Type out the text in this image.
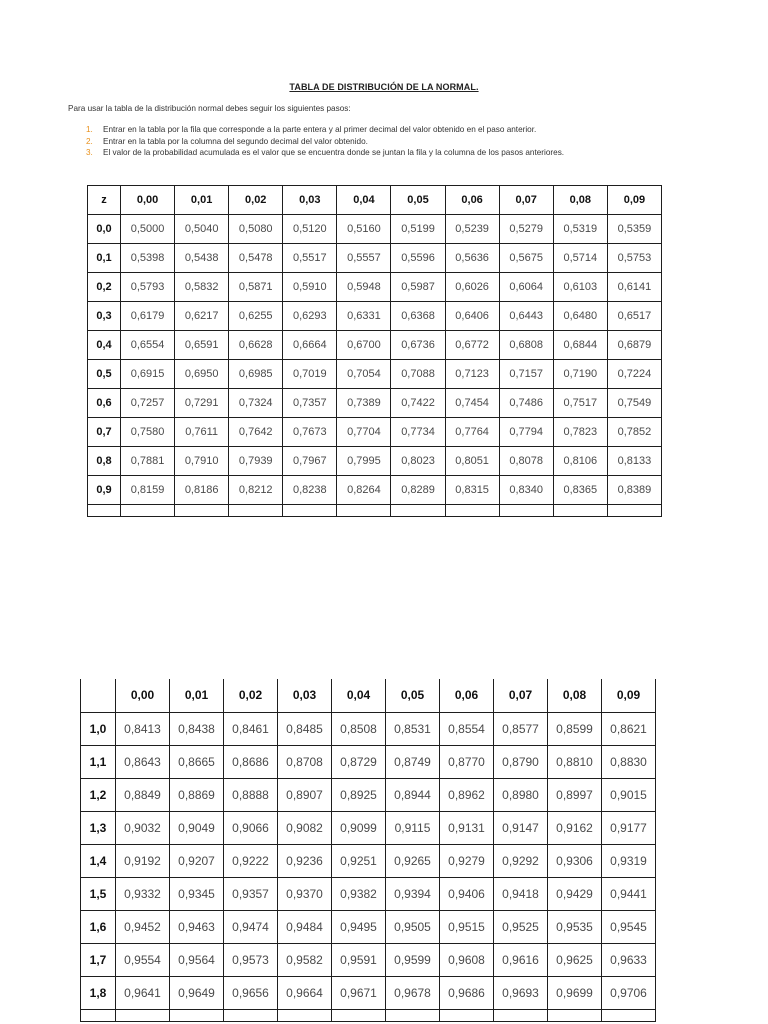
TABLA DE DISTRIBUCIÓN DE LA NORMAL.
Para usar la tabla de la distribución normal debes seguir los siguientes pasos:
1.	Entrar en la tabla por la fila que corresponde a la parte entera y al primer decimal del valor obtenido en el paso anterior.
2.	Entrar en la tabla por la columna del segundo decimal del valor obtenido.
3.	El valor de la probabilidad acumulada es el valor que se encuentra donde se juntan la fila y la columna de los pasos anteriores.
z	0,00	0,01	0,02	0,03	0,04	0,05	0,06	0,07	0,08	0,09
0,0	0,5000	0,5040	0,5080	0,5120	0,5160	0,5199	0,5239	0,5279	0,5319	0,5359
0,1	0,5398	0,5438	0,5478	0,5517	0,5557	0,5596	0,5636	0,5675	0,5714	0,5753
0,2	0,5793	0,5832	0,5871	0,5910	0,5948	0,5987	0,6026	0,6064	0,6103	0,6141
0,3	0,6179	0,6217	0,6255	0,6293	0,6331	0,6368	0,6406	0,6443	0,6480	0,6517
0,4	0,6554	0,6591	0,6628	0,6664	0,6700	0,6736	0,6772	0,6808	0,6844	0,6879
0,5	0,6915	0,6950	0,6985	0,7019	0,7054	0,7088	0,7123	0,7157	0,7190	0,7224
0,6	0,7257	0,7291	0,7324	0,7357	0,7389	0,7422	0,7454	0,7486	0,7517	0,7549
0,7	0,7580	0,7611	0,7642	0,7673	0,7704	0,7734	0,7764	0,7794	0,7823	0,7852
0,8	0,7881	0,7910	0,7939	0,7967	0,7995	0,8023	0,8051	0,8078	0,8106	0,8133
0,9	0,8159	0,8186	0,8212	0,8238	0,8264	0,8289	0,8315	0,8340	0,8365	0,8389

	0,00	0,01	0,02	0,03	0,04	0,05	0,06	0,07	0,08	0,09
1,0	0,8413	0,8438	0,8461	0,8485	0,8508	0,8531	0,8554	0,8577	0,8599	0,8621
1,1	0,8643	0,8665	0,8686	0,8708	0,8729	0,8749	0,8770	0,8790	0,8810	0,8830
1,2	0,8849	0,8869	0,8888	0,8907	0,8925	0,8944	0,8962	0,8980	0,8997	0,9015
1,3	0,9032	0,9049	0,9066	0,9082	0,9099	0,9115	0,9131	0,9147	0,9162	0,9177
1,4	0,9192	0,9207	0,9222	0,9236	0,9251	0,9265	0,9279	0,9292	0,9306	0,9319
1,5	0,9332	0,9345	0,9357	0,9370	0,9382	0,9394	0,9406	0,9418	0,9429	0,9441
1,6	0,9452	0,9463	0,9474	0,9484	0,9495	0,9505	0,9515	0,9525	0,9535	0,9545
1,7	0,9554	0,9564	0,9573	0,9582	0,9591	0,9599	0,9608	0,9616	0,9625	0,9633
1,8	0,9641	0,9649	0,9656	0,9664	0,9671	0,9678	0,9686	0,9693	0,9699	0,9706
